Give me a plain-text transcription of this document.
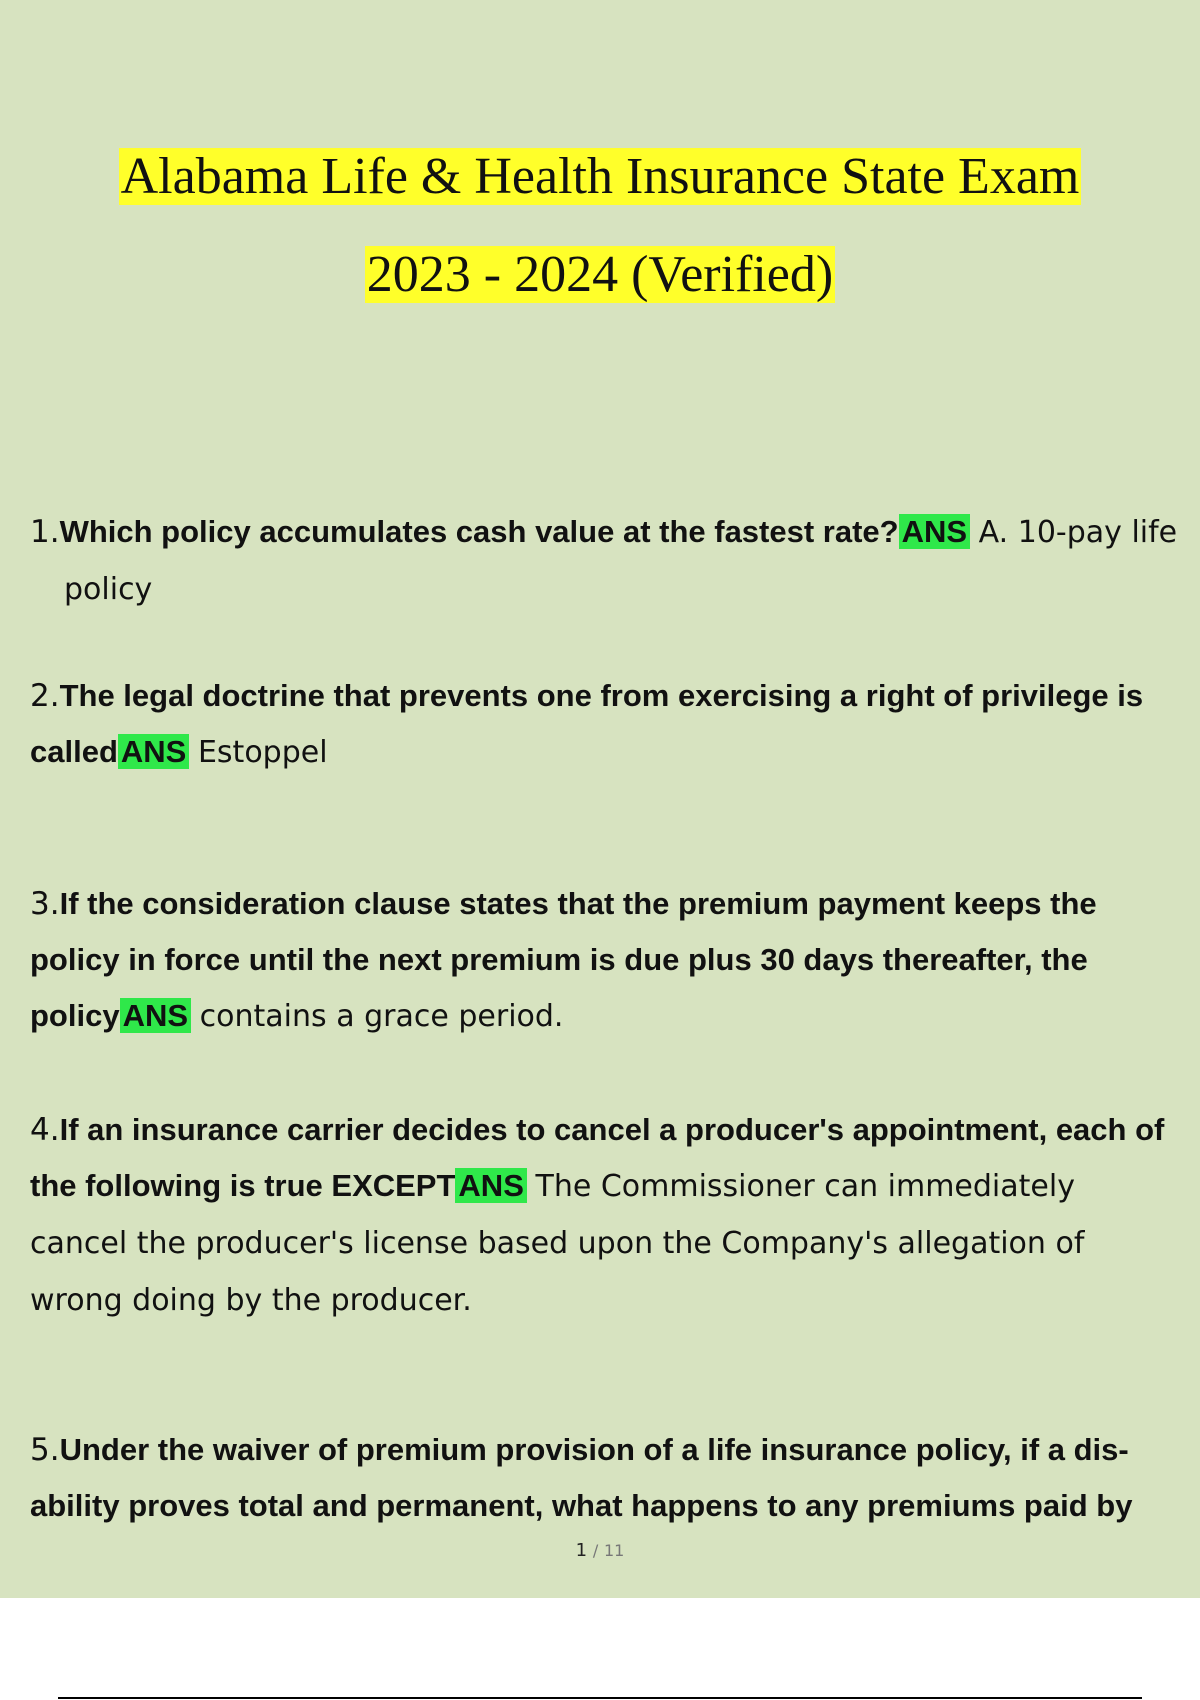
Alabama Life & Health Insurance State Exam
2023 - 2024 (Verified)
1.Which policy accumulates cash value at the fastest rate?ANS A. 10-pay life policy
2.The legal doctrine that prevents one from exercising a right of privilege is calledANS Estoppel
3.If the consideration clause states that the premium payment keeps the policy in force until the next premium is due plus 30 days thereafter, the policyANS contains a grace period.
4.If an insurance carrier decides to cancel a producer's appointment, each of the following is true EXCEPTANS The Commissioner can immediately cancel the producer's license based upon the Company's allegation of wrong doing by the producer.
5.Under the waiver of premium provision of a life insurance policy, if a dis-ability proves total and permanent, what happens to any premiums paid by
1 / 11
